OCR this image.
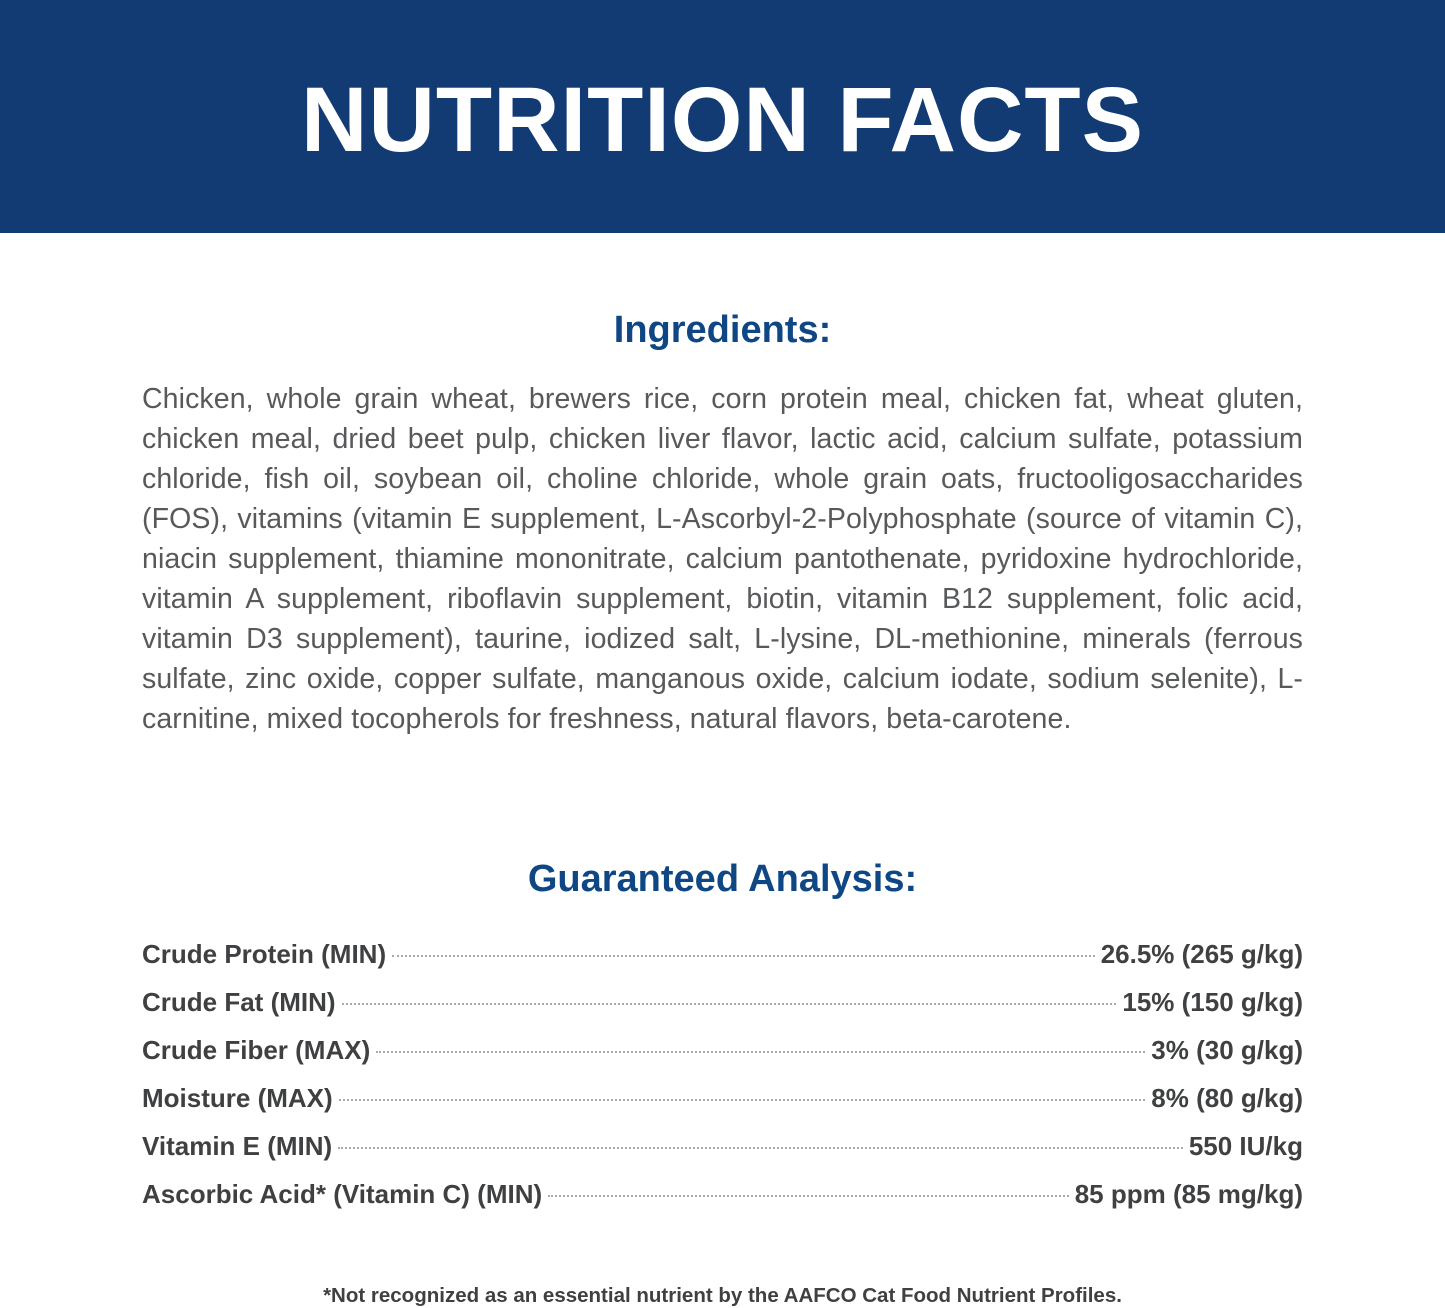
NUTRITION FACTS
Ingredients:

Chicken, whole grain wheat, brewers rice, corn protein meal, chicken fat, wheat gluten, chicken meal, dried beet pulp, chicken liver flavor, lactic acid, calcium sulfate, potassium chloride, fish oil, soybean oil, choline chloride, whole grain oats, fructooligosaccharides (FOS), vitamins (vitamin E supplement, L-Ascorbyl-2-Polyphosphate (source of vitamin C), niacin supplement, thiamine mononitrate, calcium pantothenate, pyridoxine hydrochloride, vitamin A supplement, riboflavin supplement, biotin, vitamin B12 supplement, folic acid, vitamin D3 supplement), taurine, iodized salt, L-lysine, DL-methionine, minerals (ferrous sulfate, zinc oxide, copper sulfate, manganous oxide, calcium iodate, sodium selenite), L-carnitine, mixed tocopherols for freshness, natural flavors, beta-carotene.

Guaranteed Analysis:
Crude Protein (MIN)	26.5% (265 g/kg)
Crude Fat (MIN)	15% (150 g/kg)
Crude Fiber (MAX)	3% (30 g/kg)
Moisture (MAX)	8% (80 g/kg)
Vitamin E (MIN)	550 IU/kg
Ascorbic Acid* (Vitamin C) (MIN)	85 ppm (85 mg/kg)
*Not recognized as an essential nutrient by the AAFCO Cat Food Nutrient Profiles.
